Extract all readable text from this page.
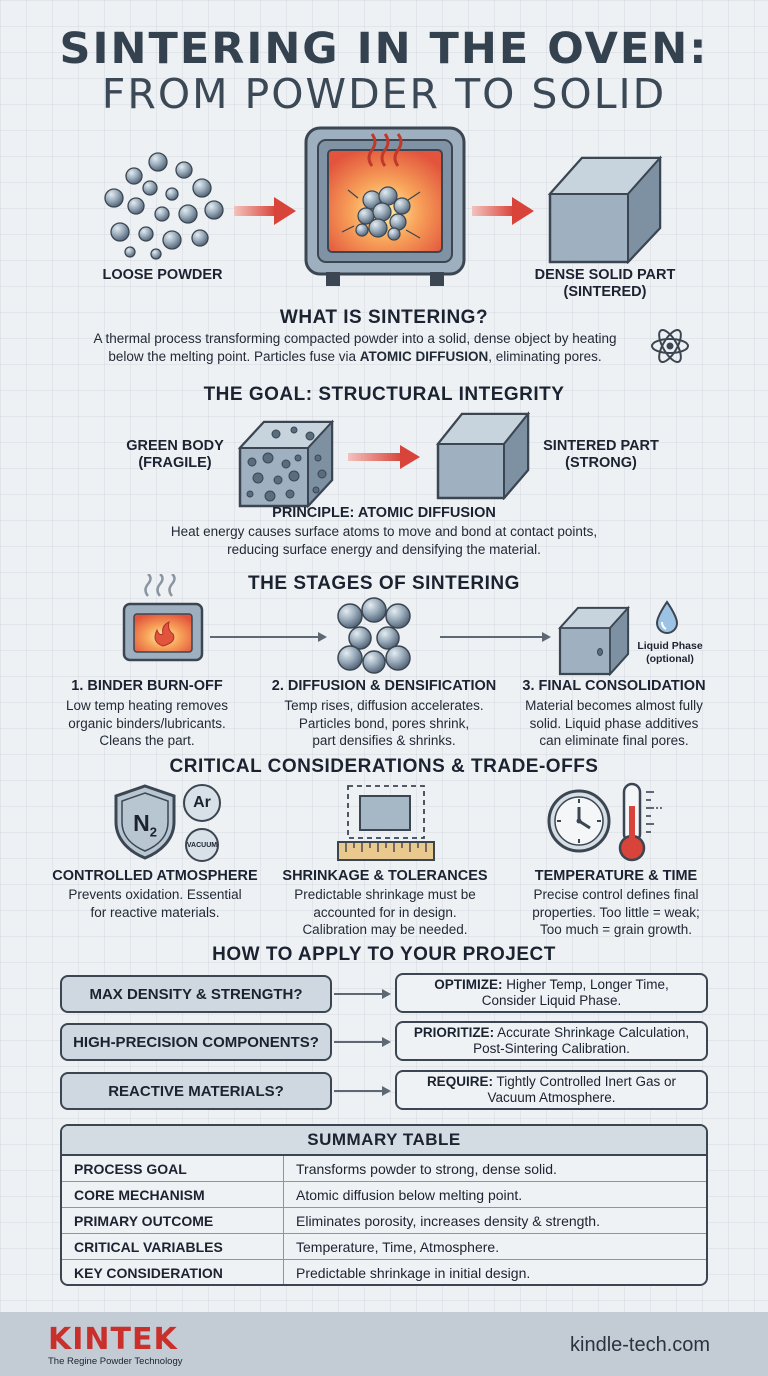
SINTERING IN THE OVEN:
FROM POWDER TO SOLID
LOOSE POWDER	DENSE SOLID PART
(SINTERED)
WHAT IS SINTERING?
A thermal process transforming compacted powder into a solid, dense object by heating
below the melting point. Particles fuse via ATOMIC DIFFUSION, eliminating pores.
THE GOAL: STRUCTURAL INTEGRITY
GREEN BODY
(FRAGILE)
SINTERED PART
(STRONG)
PRINCIPLE: ATOMIC DIFFUSION
Heat energy causes surface atoms to move and bond at contact points,
reducing surface energy and densifying the material.
THE STAGES OF SINTERING
Liquid Phase
(optional)
1. BINDER BURN-OFF
Low temp heating removes
organic binders/lubricants.
Cleans the part.
2. DIFFUSION & DENSIFICATION
Temp rises, diffusion accelerates.
Particles bond, pores shrink,
part densifies & shrinks.
3. FINAL CONSOLIDATION
Material becomes almost fully
solid. Liquid phase additives
can eliminate final pores.
CRITICAL CONSIDERATIONS & TRADE-OFFS
$N_2$
Ar
VACUUM
CONTROLLED ATMOSPHERE
Prevents oxidation. Essential
for reactive materials.
SHRINKAGE & TOLERANCES
Predictable shrinkage must be
accounted for in design.
Calibration may be needed.
TEMPERATURE & TIME
Precise control defines final
properties. Too little = weak;
Too much = grain growth.
HOW TO APPLY TO YOUR PROJECT
MAX DENSITY & STRENGTH?
OPTIMIZE: Higher Temp, Longer Time,
Consider Liquid Phase.
HIGH-PRECISION COMPONENTS?
PRIORITIZE: Accurate Shrinkage Calculation,
Post-Sintering Calibration.
REACTIVE MATERIALS?
REQUIRE: Tightly Controlled Inert Gas or
Vacuum Atmosphere.
SUMMARY TABLE
PROCESS GOAL	Transforms powder to strong, dense solid.
CORE MECHANISM	Atomic diffusion below melting point.
PRIMARY OUTCOME	Eliminates porosity, increases density & strength.
CRITICAL VARIABLES	Temperature, Time, Atmosphere.
KEY CONSIDERATION	Predictable shrinkage in initial design.
KINTEK
The Regine Powder Technology
kindle-tech.com
